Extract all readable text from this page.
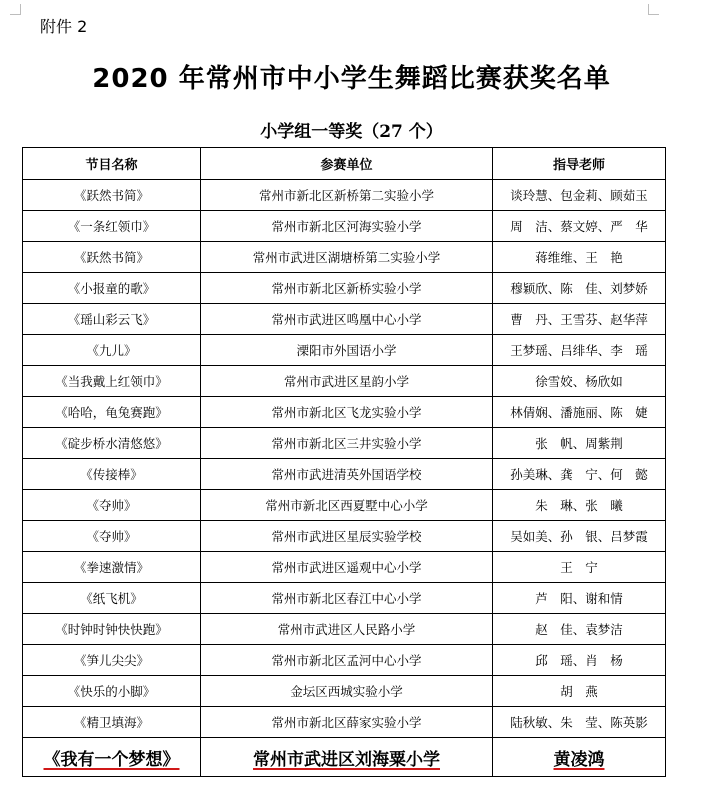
附件 2
2020 年常州市中小学生舞蹈比赛获奖名单
小学组一等奖（27 个）
节目名称	参赛单位	指导老师
《跃然书简》	常州市新北区新桥第二实验小学	谈玲慧、包金莉、顾茹玉
《一条红领巾》	常州市新北区河海实验小学	周　洁、蔡文婷、严　华
《跃然书简》	常州市武进区湖塘桥第二实验小学	蒋维维、王　艳
《小报童的歌》	常州市新北区新桥实验小学	穆颖欣、陈　佳、刘梦娇
《瑶山彩云飞》	常州市武进区鸣凰中心小学	曹　丹、王雪芬、赵华萍
《九儿》	溧阳市外国语小学	王梦瑶、吕绯华、李　瑶
《当我戴上红领巾》	常州市武进区星韵小学	徐雪姣、杨欣如
《哈哈，龟兔赛跑》	常州市新北区飞龙实验小学	林倩娴、潘施丽、陈　婕
《碇步桥水清悠悠》	常州市新北区三井实验小学	张　帆、周紫荆
《传接棒》	常州市武进清英外国语学校	孙美琳、龚　宁、何　懿
《夺帅》	常州市新北区西夏墅中心小学	朱　琳、张　曦
《夺帅》	常州市武进区星辰实验学校	吴如美、孙　银、吕梦霞
《拳速激情》	常州市武进区遥观中心小学	王　宁
《纸飞机》	常州市新北区春江中心小学	芦　阳、谢和情
《时钟时钟快快跑》	常州市武进区人民路小学	赵　佳、袁梦洁
《笋儿尖尖》	常州市新北区孟河中心小学	邱　瑶、肖　杨
《快乐的小脚》	金坛区西城实验小学	胡　燕
《精卫填海》	常州市新北区薛家实验小学	陆秋敏、朱　莹、陈英影
《我有一个梦想》	常州市武进区刘海粟小学	黄凌鸿
